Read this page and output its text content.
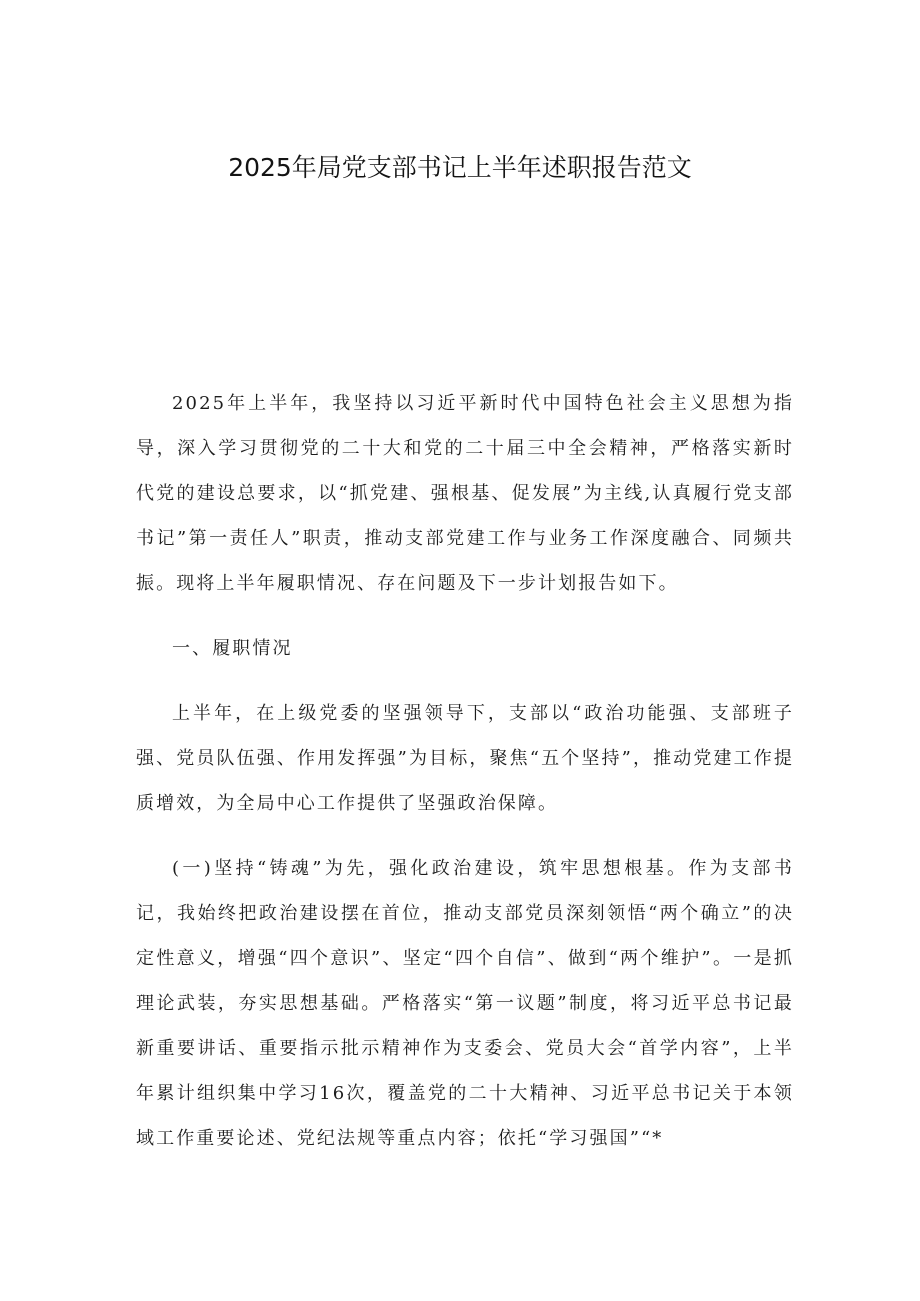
2025年局党支部书记上半年述职报告范文

2025年上半年，我坚持以习近平新时代中国特色社会主义思想为指导，深入学习贯彻党的二十大和党的二十届三中全会精神，严格落实新时代党的建设总要求，以“抓党建、强根基、促发展”为主线,认真履行党支部书记”第一责任人”职责，推动支部党建工作与业务工作深度融合、同频共振。现将上半年履职情况、存在问题及下一步计划报告如下。

一、履职情况

上半年，在上级党委的坚强领导下，支部以“政治功能强、支部班子强、党员队伍强、作用发挥强”为目标，聚焦“五个坚持”，推动党建工作提质增效，为全局中心工作提供了坚强政治保障。

(一)坚持“铸魂”为先，强化政治建设，筑牢思想根基。作为支部书记，我始终把政治建设摆在首位，推动支部党员深刻领悟“两个确立”的决定性意义，增强“四个意识”、坚定“四个自信”、做到“两个维护”。一是抓理论武装，夯实思想基础。严格落实“第一议题”制度，将习近平总书记最新重要讲话、重要指示批示精神作为支委会、党员大会“首学内容”，上半年累计组织集中学习16次，覆盖党的二十大精神、习近平总书记关于本领域工作重要论述、党纪法规等重点内容；依托“学习强国”“*
